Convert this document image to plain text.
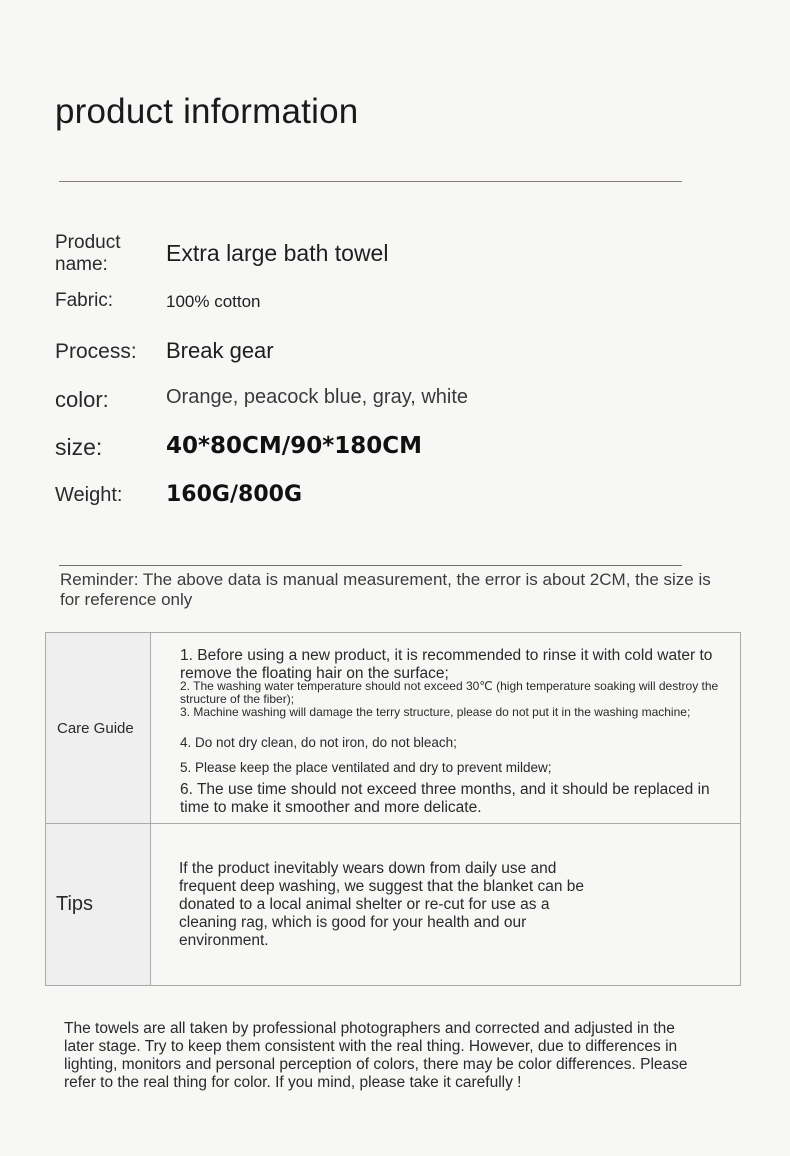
product information
Product name:	Extra large bath towel
Fabric:	100% cotton
Process: Break gear
color:	Orange, peacock blue, gray, white
size:	40*80CM/90*180CM
Weight: 160G/800G
Reminder: The above data is manual measurement, the error is about 2CM, the size is for reference only
Care Guide
1. Before using a new product, it is recommended to rinse it with cold water to remove the floating hair on the surface;
2. The washing water temperature should not exceed 30℃ (high temperature soaking will destroy the structure of the fiber);
3. Machine washing will damage the terry structure, please do not put it in the washing machine;
4. Do not dry clean, do not iron, do not bleach;
5. Please keep the place ventilated and dry to prevent mildew;
6. The use time should not exceed three months, and it should be replaced in time to make it smoother and more delicate.
Tips
If the product inevitably wears down from daily use and frequent deep washing, we suggest that the blanket can be donated to a local animal shelter or re-cut for use as a cleaning rag, which is good for your health and our environment.
The towels are all taken by professional photographers and corrected and adjusted in the later stage. Try to keep them consistent with the real thing. However, due to differences in lighting, monitors and personal perception of colors, there may be color differences. Please refer to the real thing for color. If you mind, please take it carefully !
